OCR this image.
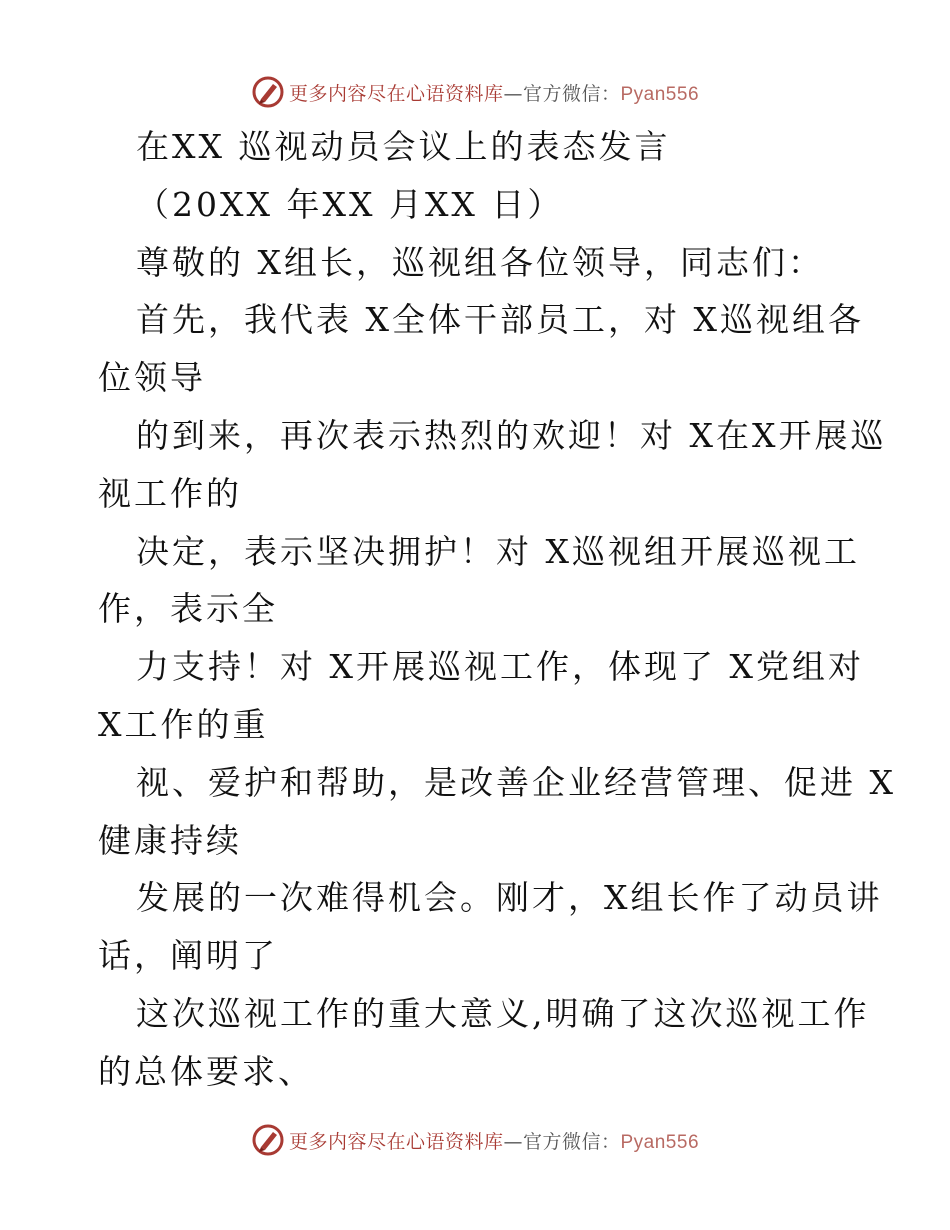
更多内容尽在心语资料库—官方微信：Pyan556
在XX 巡视动员会议上的表态发言
（20XX 年XX 月XX 日）
尊敬的 X组长，巡视组各位领导，同志们：
首先，我代表 X全体干部员工，对 X巡视组各
位领导
的到来，再次表示热烈的欢迎！对 X在X开展巡
视工作的
决定，表示坚决拥护！对 X巡视组开展巡视工
作，表示全
力支持！对 X开展巡视工作，体现了 X党组对
X工作的重
视、爱护和帮助，是改善企业经营管理、促进 X
健康持续
发展的一次难得机会。刚才，X组长作了动员讲
话，阐明了
这次巡视工作的重大意义,明确了这次巡视工作
的总体要求、
更多内容尽在心语资料库—官方微信：Pyan556
